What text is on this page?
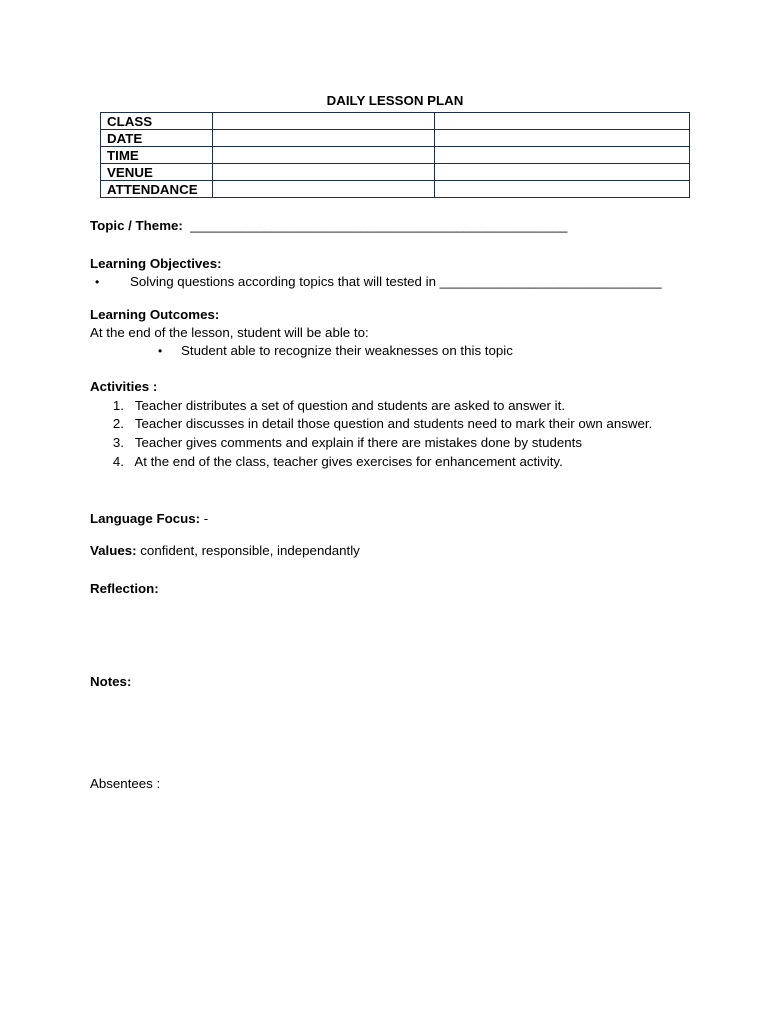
DAILY LESSON PLAN
CLASS		
DATE		
TIME		
VENUE		
ATTENDANCE		
Topic / Theme: ___________________________________________________
Learning Objectives:
• Solving questions according topics that will tested in ______________________________
Learning Outcomes:
At the end of the lesson, student will be able to:
• Student able to recognize their weaknesses on this topic
Activities :
1. Teacher distributes a set of question and students are asked to answer it.
2. Teacher discusses in detail those question and students need to mark their own answer.
3. Teacher gives comments and explain if there are mistakes done by students
4. At the end of the class, teacher gives exercises for enhancement activity.
Language Focus: -
Values: confident, responsible, independantly
Reflection:
Notes:
Absentees :
